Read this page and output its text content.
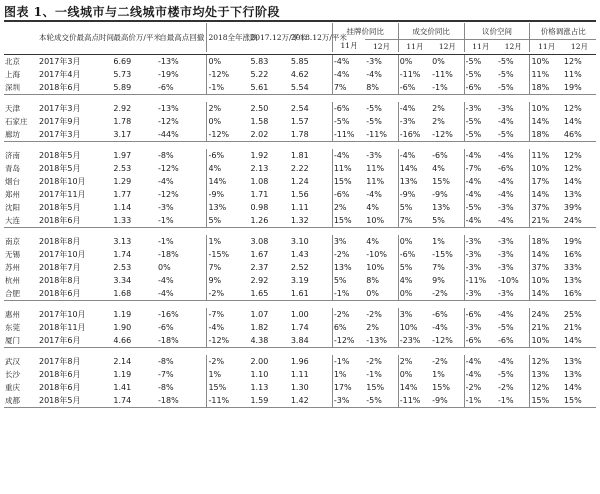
图表 1、一线城市与二线城市楼市均处于下行阶段
	本轮成交价最高点时间	最高价万/平米	自最高点回撤	2018全年涨跌	2017.12万/平米	2018.12万/平米	挂牌价同比		成交价同比		议价空间		价格调涨占比	
							11月	12月	11月	12月	11月	12月	11月	12月

北京	2017年3月	6.69	-13%	0%	5.83	5.85	-4%	-3%	0%	0%	-5%	-5%	10%	12%
上海	2017年4月	5.73	-19%	-12%	5.22	4.62	-4%	-4%	-11%	-11%	-5%	-5%	11%	11%
深圳	2018年6月	5.89	-6%	-1%	5.61	5.54	7%	8%	-6%	-1%	-6%	-5%	18%	19%

天津	2017年3月	2.92	-13%	2%	2.50	2.54	-6%	-5%	-4%	2%	-3%	-3%	10%	12%
石家庄	2017年9月	1.78	-12%	0%	1.58	1.57	-5%	-5%	-3%	2%	-5%	-4%	14%	14%
廊坊	2017年3月	3.17	-44%	-12%	2.02	1.78	-11%	-11%	-16%	-12%	-5%	-5%	18%	46%

济南	2018年5月	1.97	-8%	-6%	1.92	1.81	-4%	-3%	-4%	-6%	-4%	-4%	11%	12%
青岛	2018年5月	2.53	-12%	4%	2.13	2.22	11%	11%	14%	4%	-7%	-6%	10%	12%
烟台	2018年10月	1.29	-4%	14%	1.08	1.24	15%	11%	13%	15%	-4%	-4%	17%	14%
郑州	2017年11月	1.77	-12%	-9%	1.71	1.56	-6%	-4%	-9%	-9%	-4%	-4%	14%	13%
沈阳	2018年5月	1.14	-3%	13%	0.98	1.11	2%	4%	5%	13%	-5%	-3%	37%	39%
大连	2018年6月	1.33	-1%	5%	1.26	1.32	15%	10%	7%	5%	-4%	-4%	21%	24%

南京	2018年8月	3.13	-1%	1%	3.08	3.10	3%	4%	0%	1%	-3%	-3%	18%	19%
无锡	2017年10月	1.74	-18%	-15%	1.67	1.43	-2%	-10%	-6%	-15%	-3%	-3%	14%	16%
苏州	2018年7月	2.53	0%	7%	2.37	2.52	13%	10%	5%	7%	-3%	-3%	37%	33%
杭州	2018年8月	3.34	-4%	9%	2.92	3.19	5%	8%	4%	9%	-11%	-10%	10%	13%
合肥	2018年6月	1.68	-4%	-2%	1.65	1.61	-1%	0%	0%	-2%	-3%	-3%	14%	16%

惠州	2017年10月	1.19	-16%	-7%	1.07	1.00	-2%	-2%	3%	-6%	-6%	-4%	24%	25%
东莞	2018年11月	1.90	-6%	-4%	1.82	1.74	6%	2%	10%	-4%	-3%	-5%	21%	21%
厦门	2017年6月	4.66	-18%	-12%	4.38	3.84	-12%	-13%	-23%	-12%	-6%	-6%	10%	14%

武汉	2017年8月	2.14	-8%	-2%	2.00	1.96	-1%	-2%	2%	-2%	-4%	-4%	12%	13%
长沙	2018年6月	1.19	-7%	1%	1.10	1.11	1%	-1%	0%	1%	-4%	-5%	13%	13%
重庆	2018年6月	1.41	-8%	15%	1.13	1.30	17%	15%	14%	15%	-2%	-2%	12%	14%
成都	2018年5月	1.74	-18%	-11%	1.59	1.42	-3%	-5%	-11%	-9%	-1%	-1%	15%	15%
